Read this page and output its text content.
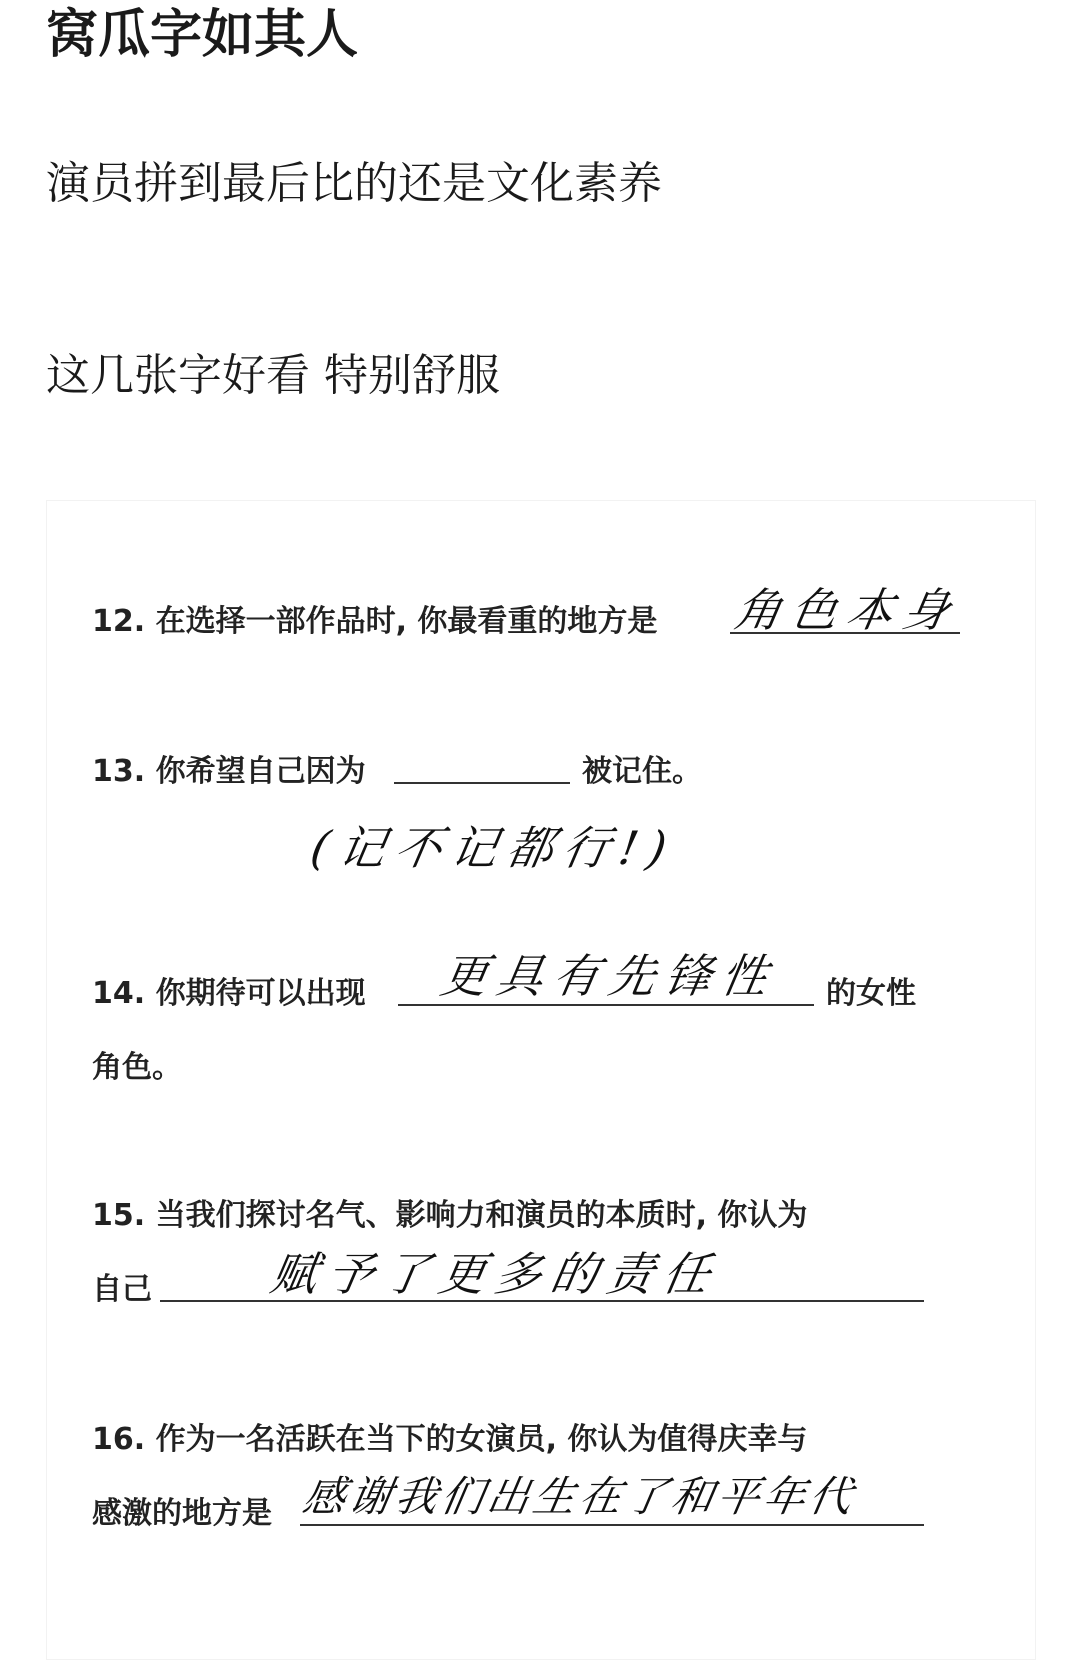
窝瓜字如其人
演员拼到最后比的还是文化素养
这几张字好看 特别舒服
12. 在选择一部作品时, 你最看重的地方是 角色本身
13. 你希望自己因为	被记住。
(记不记都行!)
14. 你期待可以出现 更具有先锋性 的女性
角色。
15. 当我们探讨名气、影响力和演员的本质时, 你认为
自己 赋予了更多的责任
16. 作为一名活跃在当下的女演员, 你认为值得庆幸与
感激的地方是 感谢我们出生在了和平年代
